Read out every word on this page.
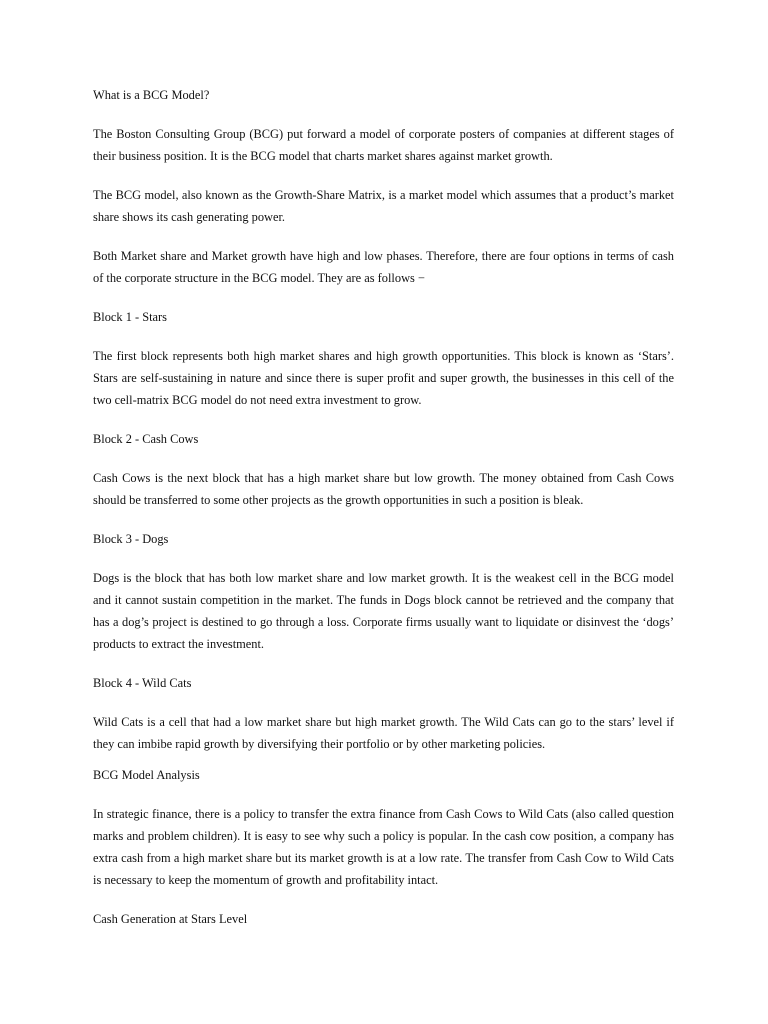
What is a BCG Model?

The Boston Consulting Group (BCG) put forward a model of corporate posters of companies at different stages of their business position. It is the BCG model that charts market shares against market growth.

The BCG model, also known as the Growth-Share Matrix, is a market model which assumes that a product’s market share shows its cash generating power.

Both Market share and Market growth have high and low phases. Therefore, there are four options in terms of cash of the corporate structure in the BCG model. They are as follows −

Block 1 - Stars

The first block represents both high market shares and high growth opportunities. This block is known as ‘Stars’. Stars are self-sustaining in nature and since there is super profit and super growth, the businesses in this cell of the two cell-matrix BCG model do not need extra investment to grow.

Block 2 - Cash Cows

Cash Cows is the next block that has a high market share but low growth. The money obtained from Cash Cows should be transferred to some other projects as the growth opportunities in such a position is bleak.

Block 3 - Dogs

Dogs is the block that has both low market share and low market growth. It is the weakest cell in the BCG model and it cannot sustain competition in the market. The funds in Dogs block cannot be retrieved and the company that has a dog’s project is destined to go through a loss. Corporate firms usually want to liquidate or disinvest the ‘dogs’ products to extract the investment.

Block 4 - Wild Cats

Wild Cats is a cell that had a low market share but high market growth. The Wild Cats can go to the stars’ level if they can imbibe rapid growth by diversifying their portfolio or by other marketing policies.

BCG Model Analysis

In strategic finance, there is a policy to transfer the extra finance from Cash Cows to Wild Cats (also called question marks and problem children). It is easy to see why such a policy is popular. In the cash cow position, a company has extra cash from a high market share but its market growth is at a low rate. The transfer from Cash Cow to Wild Cats is necessary to keep the momentum of growth and profitability intact.

Cash Generation at Stars Level
